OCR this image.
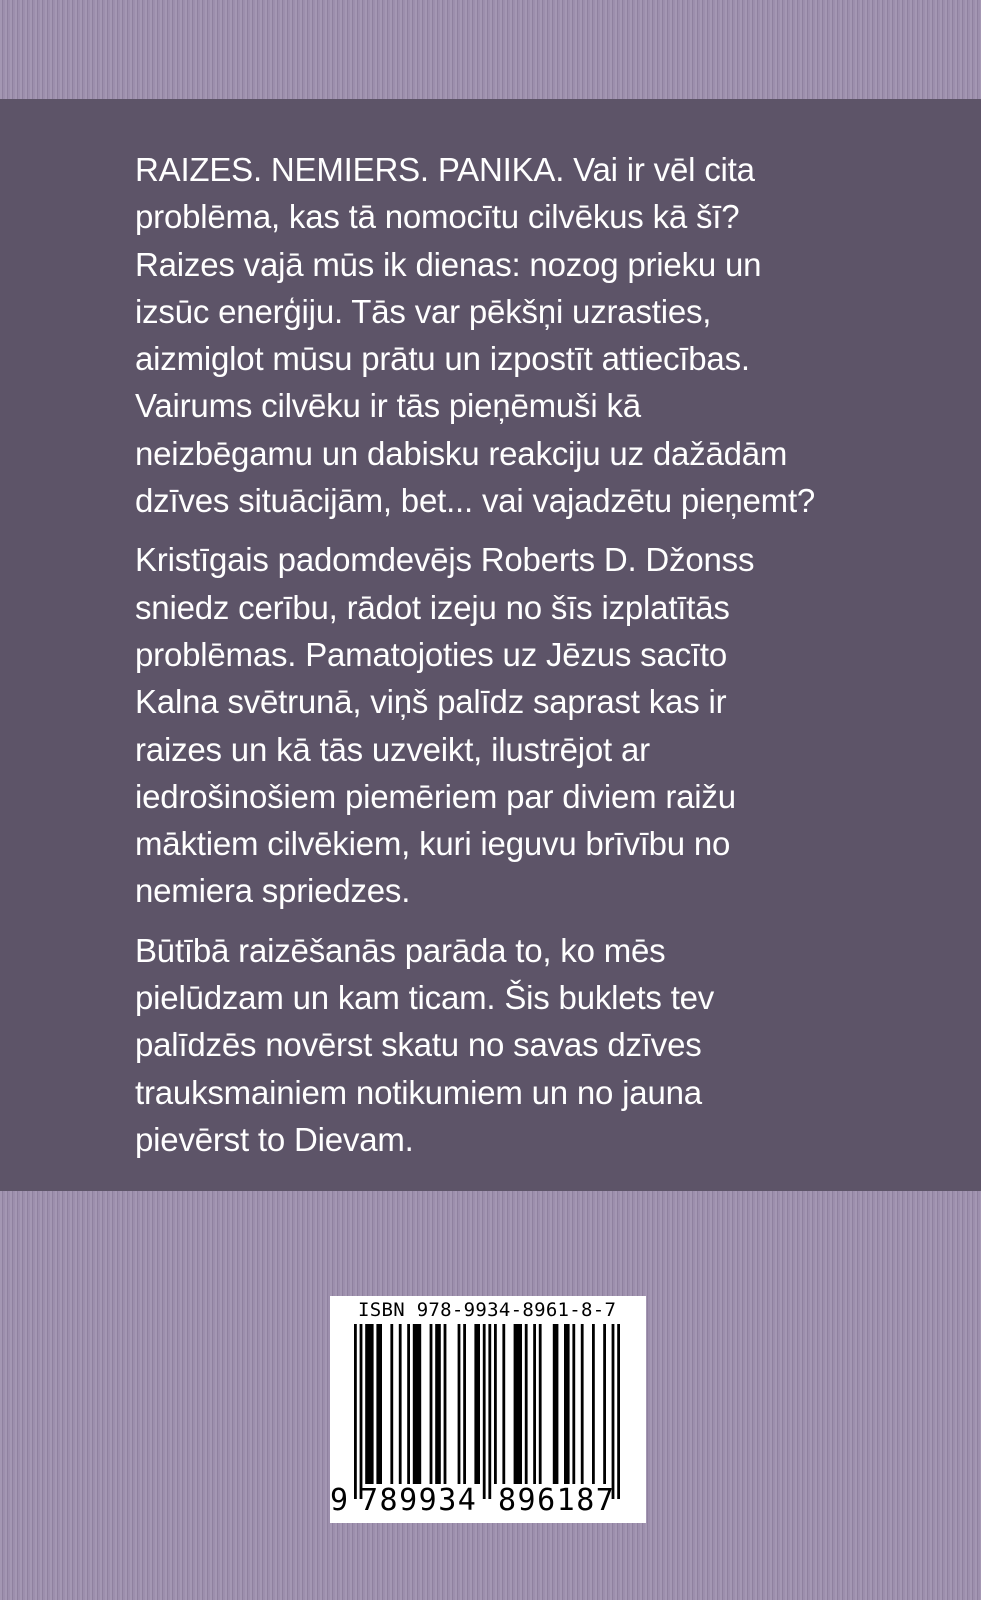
RAIZES. NEMIERS. PANIKA. Vai ir vēl cita
problēma, kas tā nomocītu cilvēkus kā šī?
Raizes vajā mūs ik dienas: nozog prieku un
izsūc enerģiju. Tās var pēkšņi uzrasties,
aizmiglot mūsu prātu un izpostīt attiecības.
Vairums cilvēku ir tās pieņēmuši kā
neizbēgamu un dabisku reakciju uz dažādām
dzīves situācijām, bet... vai vajadzētu pieņemt?

Kristīgais padomdevējs Roberts D. Džonss
sniedz cerību, rādot izeju no šīs izplatītās
problēmas. Pamatojoties uz Jēzus sacīto
Kalna svētrunā, viņš palīdz saprast kas ir
raizes un kā tās uzveikt, ilustrējot ar
iedrošinošiem piemēriem par diviem raižu
māktiem cilvēkiem, kuri ieguvu brīvību no
nemiera spriedzes.

Būtībā raizēšanās parāda to, ko mēs
pielūdzam un kam ticam. Šis buklets tev
palīdzēs novērst skatu no savas dzīves
trauksmainiem notikumiem un no jauna
pievērst to Dievam.

ISBN 978-9934-8961-8-7
9 789934 896187
